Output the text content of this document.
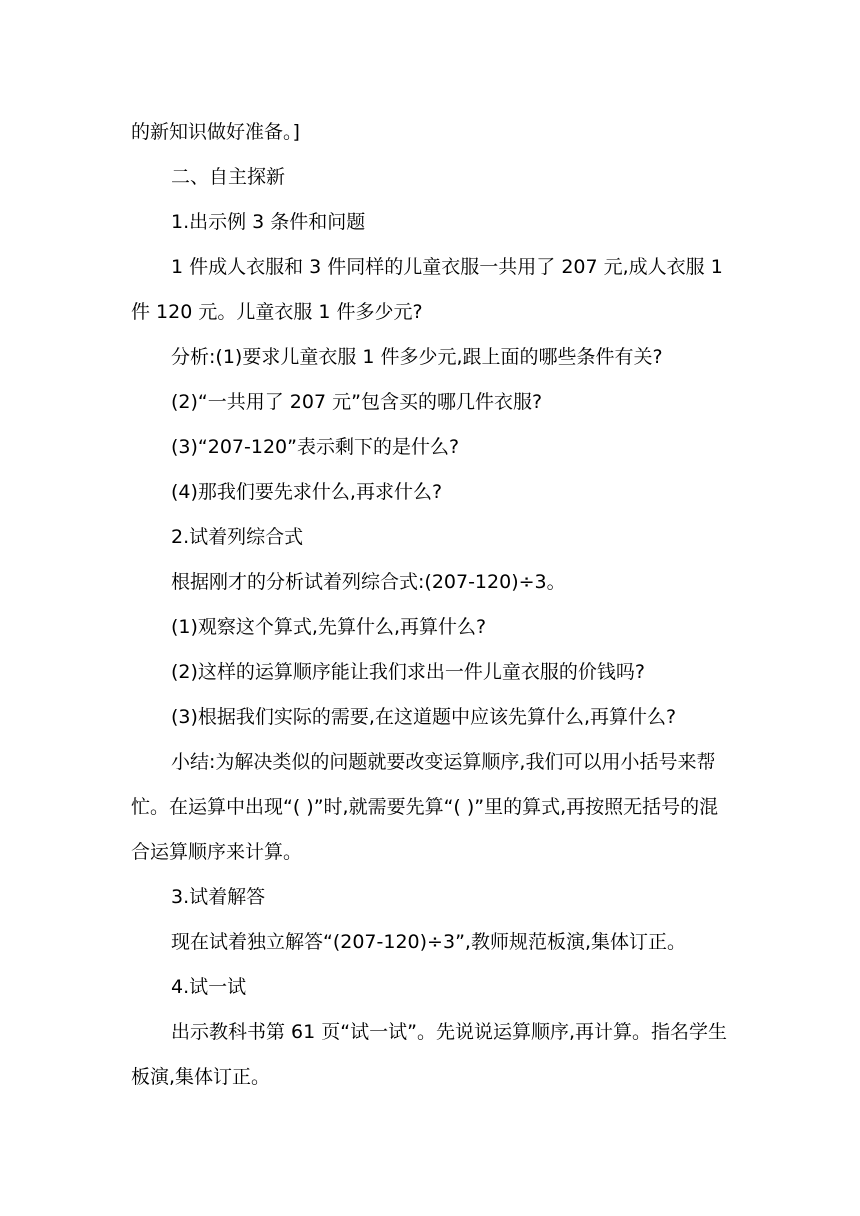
的新知识做好准备。]

二、自主探新

1.出示例 3 条件和问题

1 件成人衣服和 3 件同样的儿童衣服一共用了 207 元,成人衣服 1 件 120 元。儿童衣服 1 件多少元?

分析:(1)要求儿童衣服 1 件多少元,跟上面的哪些条件有关?

(2)“一共用了 207 元”包含买的哪几件衣服?

(3)“207-120”表示剩下的是什么?

(4)那我们要先求什么,再求什么?

2.试着列综合式

根据刚才的分析试着列综合式:(207-120)÷3。

(1)观察这个算式,先算什么,再算什么?

(2)这样的运算顺序能让我们求出一件儿童衣服的价钱吗?

(3)根据我们实际的需要,在这道题中应该先算什么,再算什么?

小结:为解决类似的问题就要改变运算顺序,我们可以用小括号来帮忙。在运算中出现“( )”时,就需要先算“( )”里的算式,再按照无括号的混合运算顺序来计算。

3.试着解答

现在试着独立解答“(207-120)÷3”,教师规范板演,集体订正。

4.试一试

出示教科书第 61 页“试一试”。先说说运算顺序,再计算。指名学生板演,集体订正。
